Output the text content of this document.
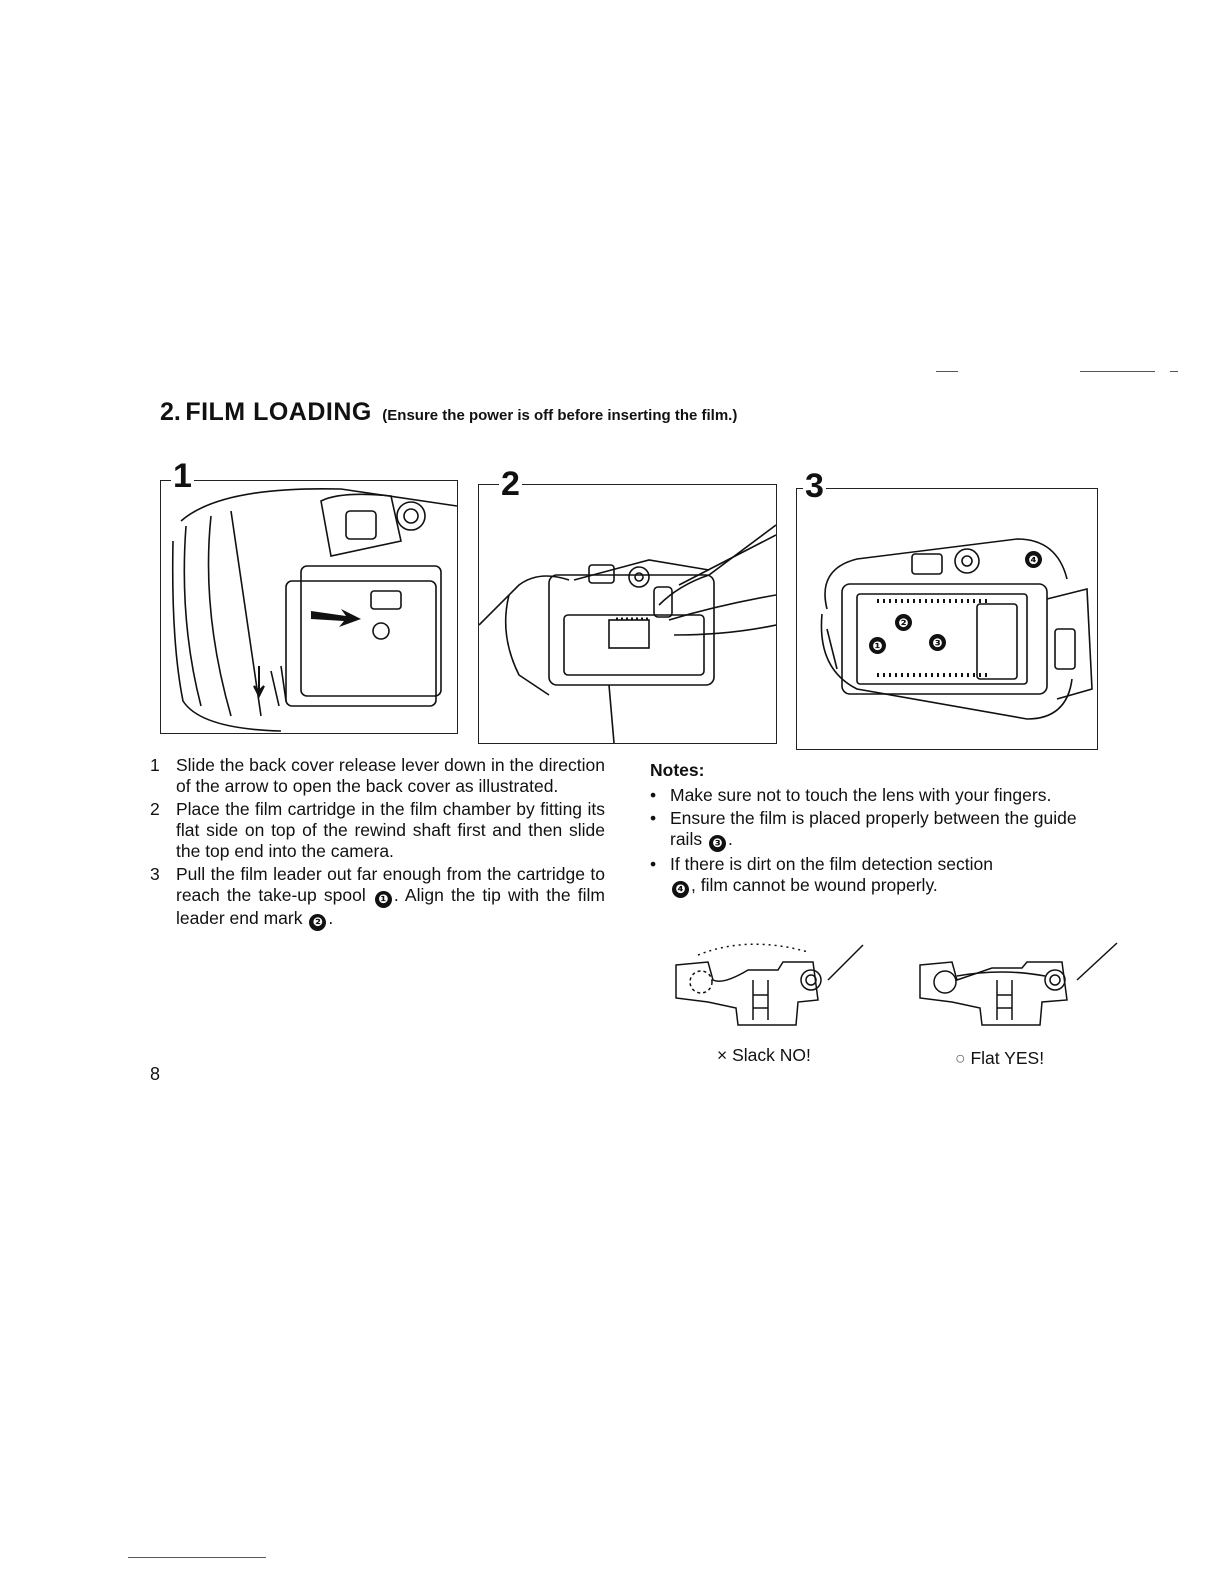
2. FILM LOADING (Ensure the power is off before inserting the film.)
1	2	3
❷
❸
❹
❶
1 Slide the back cover release lever down in the direction of the arrow to open the back cover as illustrated.
2 Place the film cartridge in the film chamber by fitting its flat side on top of the rewind shaft first and then slide the top end into the camera.
3 Pull the film leader out far enough from the cartridge to reach the take-up spool ❶ . Align the tip with the film leader end mark ❷ .
Notes:
• Make sure not to touch the lens with your fingers.
• Ensure the film is placed properly between the guide rails ❸ .
• If there is dirt on the film detection section
❹ , film cannot be wound properly.
× Slack NO!	○ Flat YES!
8
